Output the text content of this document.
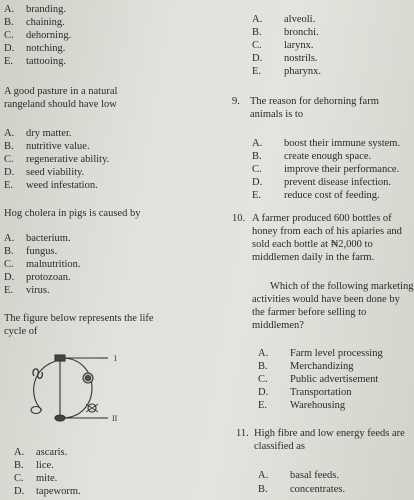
A. branding.
B. chaining.
C. dehorning.
D. notching.
E. tattooing.
A good pasture in a natural
rangeland should have low
A. dry matter.
B. nutritive value.
C. regenerative ability.
D. seed viability.
E. weed infestation.
Hog cholera in pigs is caused by
A. bacterium.
B. fungus.
C. malnutrition.
D. protozoan.
E. virus.
The figure below represents the life
cycle of
I
II
A. ascaris.
B. lice.
C. mite.
D. tapeworm.
A. alveoli.
B. bronchi.
C. larynx.
D. nostrils.
E. pharynx.
9. The reason for dehorning farm
animals is to
A. boost their immune system.
B. create enough space.
C. improve their performance.
D. prevent disease infection.
E. reduce cost of feeding.
10. A farmer produced 600 bottles of
honey from each of his apiaries and
sold each bottle at ₦2,000 to
middlemen daily in the farm.
Which of the following marketing
activities would have been done by
the farmer before selling to
middlemen?
A. Farm level processing
B. Merchandizing
C. Public advertisement
D. Transportation
E. Warehousing
11. High fibre and low energy feeds are
classified as
A. basal feeds.
B. concentrates.
